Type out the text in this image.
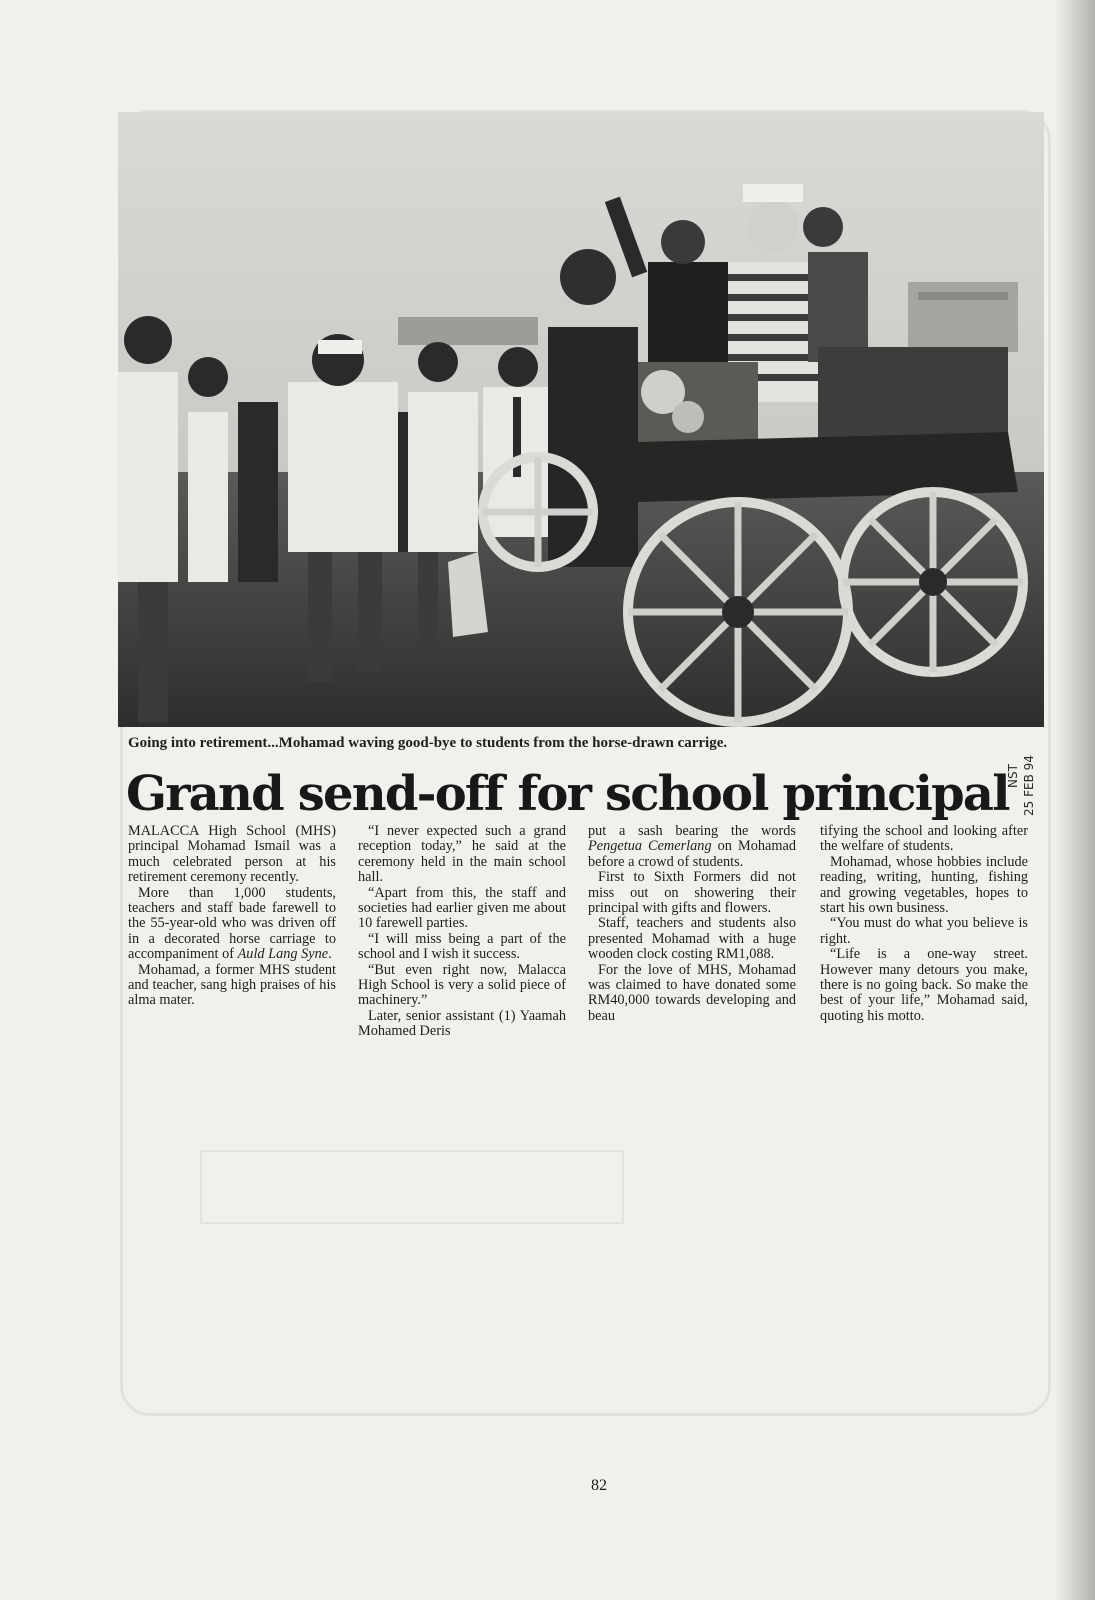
Going into retirement...Mohamad waving good-bye to students from the horse-drawn carrige.
Grand send-off for school principal
NST 25 FEB 94

MALACCA High School (MHS) principal Mohamad Ismail was a much celebrated person at his retirement ceremony recently.

More than 1,000 students, teachers and staff bade farewell to the 55-year-old who was driven off in a decorated horse carriage to accompaniment of Auld Lang Syne.

Mohamad, a former MHS student and teacher, sang high praises of his alma mater.

“I never expected such a grand reception today,” he said at the ceremony held in the main school hall.

“Apart from this, the staff and societies had earlier given me about 10 farewell parties.

“I will miss being a part of the school and I wish it success.

“But even right now, Malacca High School is very a solid piece of machinery.”

Later, senior assistant (1) Yaamah Mohamed Deris

put a sash bearing the words Pengetua Cemerlang on Mohamad before a crowd of students.

First to Sixth Formers did not miss out on showering their principal with gifts and flowers.

Staff, teachers and students also presented Mohamad with a huge wooden clock costing RM1,088.

For the love of MHS, Mohamad was claimed to have donated some RM40,000 towards developing and beau

tifying the school and looking after the welfare of students.

Mohamad, whose hobbies include reading, writing, hunting, fishing and growing vegetables, hopes to start his own business.

“You must do what you believe is right.

“Life is a one-way street. However many detours you make, there is no going back. So make the best of your life,” Mohamad said, quoting his motto.

82
